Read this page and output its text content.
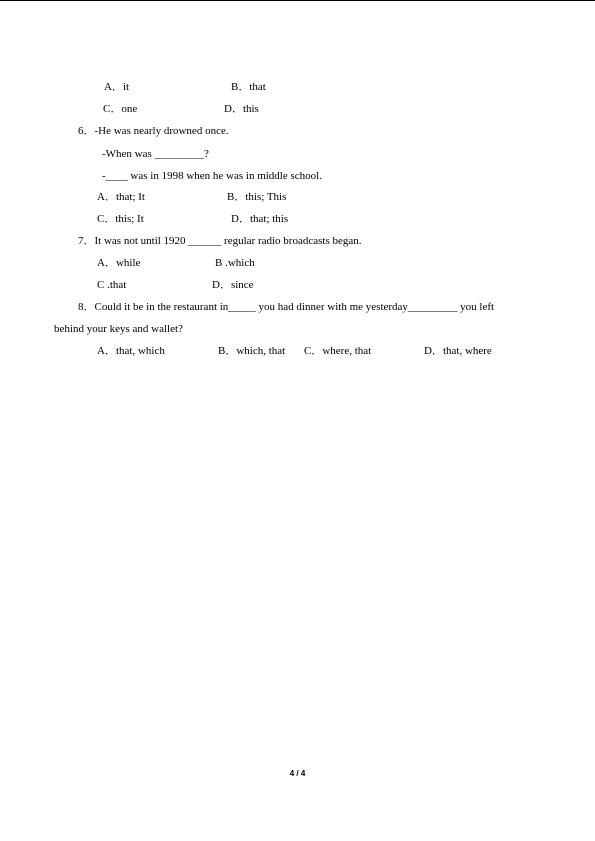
A．it	B．that
C．one	D．this
6．-He was nearly drowned once.
-When was _________?
-____ was in 1998 when he was in middle school.
A．that; It	B．this; This
C．this; It	D．that; this
7．It was not until 1920 ______ regular radio broadcasts began.
A．while	B .which
C .that	D．since
8．Could it be in the restaurant in_____ you had dinner with me yesterday_________ you left
behind your keys and wallet?
A．that, which	B．which, that C．where, that	D．that, where
4 / 4
